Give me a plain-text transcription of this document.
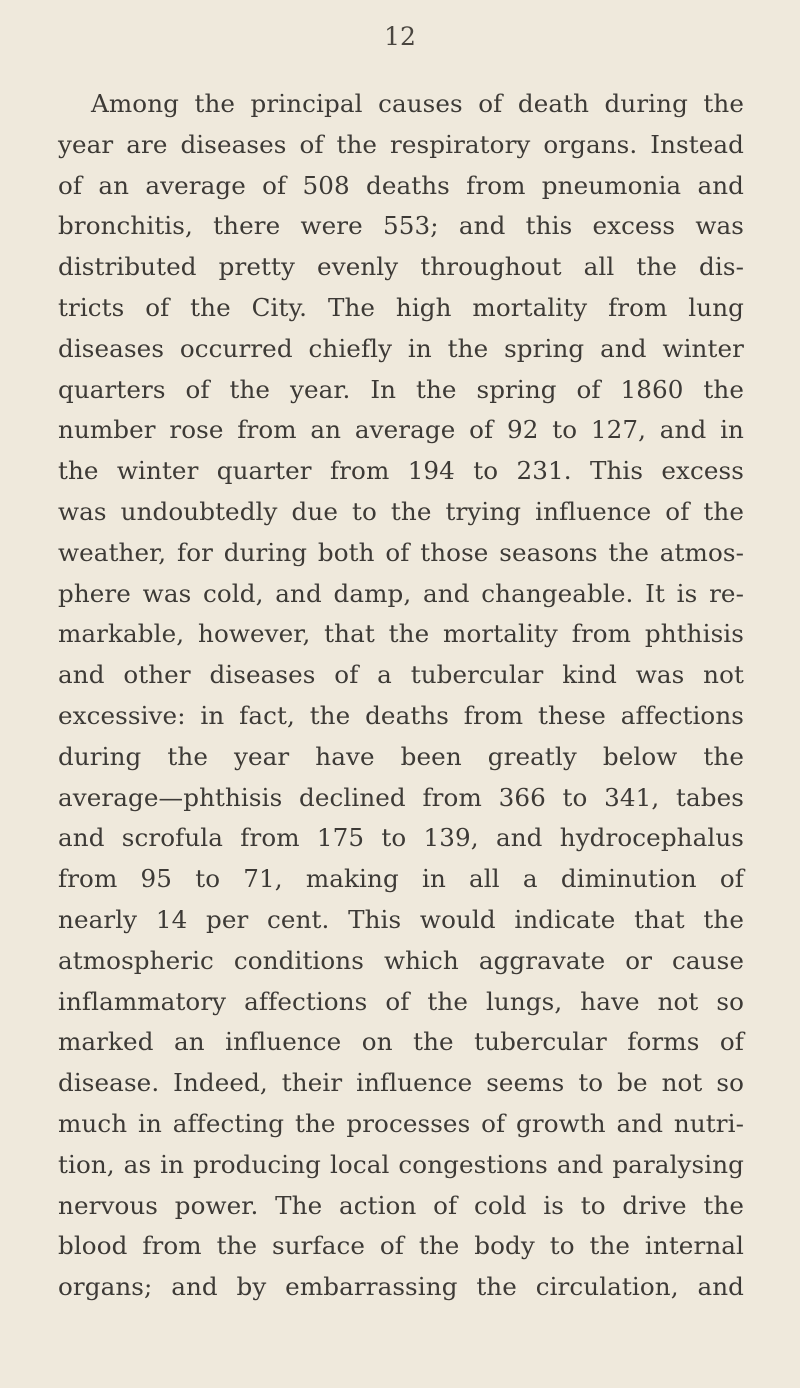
12
Among the principal causes of death during the
year are diseases of the respiratory organs. Instead
of an average of 508 deaths from pneumonia and
bronchitis, there were 553; and this excess was
distributed pretty evenly throughout all the dis-
tricts of the City. The high mortality from lung
diseases occurred chiefly in the spring and winter
quarters of the year. In the spring of 1860 the
number rose from an average of 92 to 127, and in
the winter quarter from 194 to 231. This excess
was undoubtedly due to the trying influence of the
weather, for during both of those seasons the atmos-
phere was cold, and damp, and changeable. It is re-
markable, however, that the mortality from phthisis
and other diseases of a tubercular kind was not
excessive: in fact, the deaths from these affections
during the year have been greatly below the
average—phthisis declined from 366 to 341, tabes
and scrofula from 175 to 139, and hydrocephalus
from 95 to 71, making in all a diminution of
nearly 14 per cent. This would indicate that the
atmospheric conditions which aggravate or cause
inflammatory affections of the lungs, have not so
marked an influence on the tubercular forms of
disease. Indeed, their influence seems to be not so
much in affecting the processes of growth and nutri-
tion, as in producing local congestions and paralysing
nervous power. The action of cold is to drive the
blood from the surface of the body to the internal
organs; and by embarrassing the circulation, and
